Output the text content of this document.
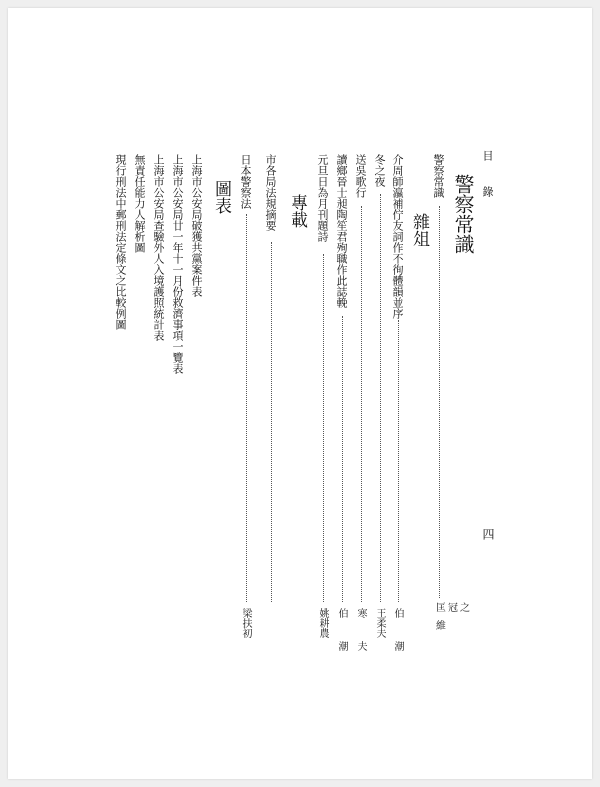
目 錄
四
警察常識
警察常識
匡冠之維
雜俎
介周師瀛補佇友詞作不徇體韻並序
伯 潮
冬之夜
王柔夫
送吳歌行
寒 夫
讀鄉晉士昶陶笙君殉職作此誌輓
伯 潮
元旦日為月刊題詩
姚耕農
專載
市各局法規摘要
日本警察法
梁扶初
圖表
上海市公安局破獲共黨案件表
上海市公安局廿一年十一月份救濟事項一覽表
上海市公安局查驗外人入境護照統計表
無責任能力人解析圖
現行刑法中郵刑法定條文之比較例圖
